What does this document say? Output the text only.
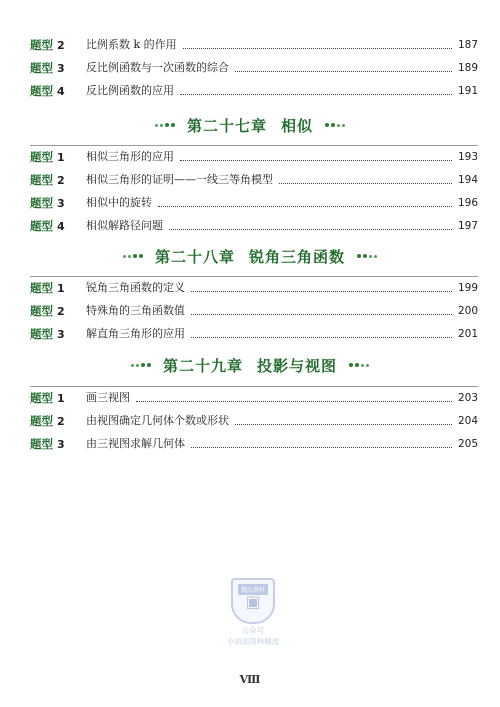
题型 2	比例系数 k 的作用	187
题型 3	反比例函数与一次函数的综合	189
题型 4	反比例函数的应用	191
第二十七章 相似
题型 1	相似三角形的应用	193
题型 2	相似三角形的证明——一线三等角模型	194
题型 3	相似中的旋转	196
题型 4	相似解路径问题	197
第二十八章 锐角三角函数
题型 1	锐角三角函数的定义	199
题型 2	特殊角的三角函数值	200
题型 3	解直角三角形的应用	201
第二十九章 投影与视图
题型 1	画三视图	203
题型 2	由视图确定几何体个数或形状	204
题型 3	由三视图求解几何体	205
▣
精品资料
公众号
小初高资料精选
Ⅷ
